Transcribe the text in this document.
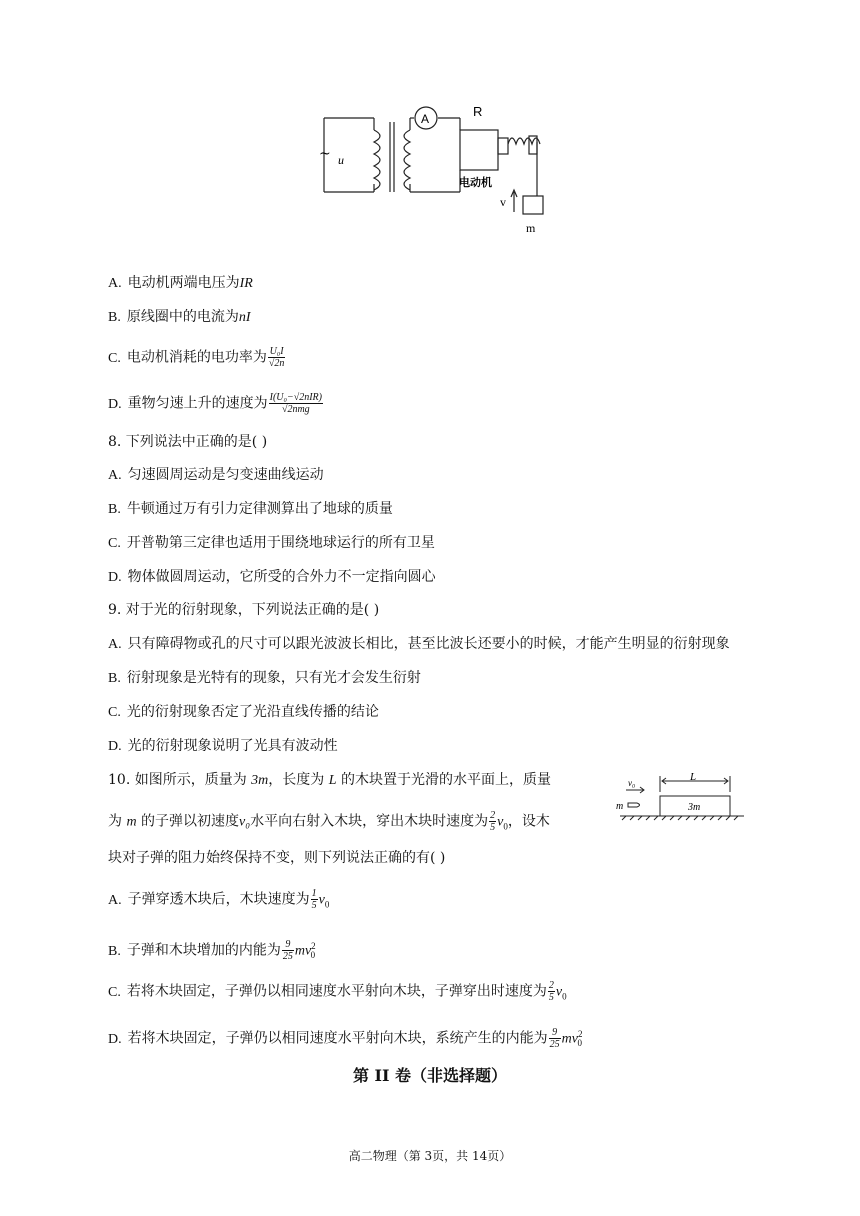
~ u
A	R
电动机
v
m
A. 电动机两端电压为IR
B. 原线圈中的电流为nI
C. 电动机消耗的电功率为 $\frac{\text{U₀I}}{√2n}$
D. 重物匀速上升的速度为 $\frac{\text{I(U₀−√2nIR)}}{\text{√2nmg}}$
8. 下列说法中正确的是( )
A. 匀速圆周运动是匀变速曲线运动
B. 牛顿通过万有引力定律测算出了地球的质量
C. 开普勒第三定律也适用于围绕地球运行的所有卫星
D. 物体做圆周运动，它所受的合外力不一定指向圆心
9. 对于光的衍射现象，下列说法正确的是( )
A. 只有障碍物或孔的尺寸可以跟光波波长相比，甚至比波长还要小的时候，才能产生明显的衍射现象
B. 衍射现象是光特有的现象，只有光才会发生衍射
C. 光的衍射现象否定了光沿直线传播的结论
D. 光的衍射现象说明了光具有波动性
10. 如图所示，质量为 3m，长度为 L 的木块置于光滑的水平面上，质量
为 m 的子弹以初速度v₀水平向右射入木块，穿出木块时速度为 $\frac{2}{5} v_0$，设木
块对子弹的阻力始终保持不变，则下列说法正确的有( )
v₀	L
m	3m
A. 子弹穿透木块后，木块速度为 $\frac{1}{5} v_0$
B. 子弹和木块增加的内能为 $\frac{9}{25} mv^2_0$
C. 若将木块固定，子弹仍以相同速度水平射向木块，子弹穿出时速度为 $\frac{2}{5} v_0$
D. 若将木块固定，子弹仍以相同速度水平射向木块，系统产生的内能为 $\frac{9}{25} mv^2_0$
第 II 卷（非选择题）
高二物理（第 3页，共 14页）
